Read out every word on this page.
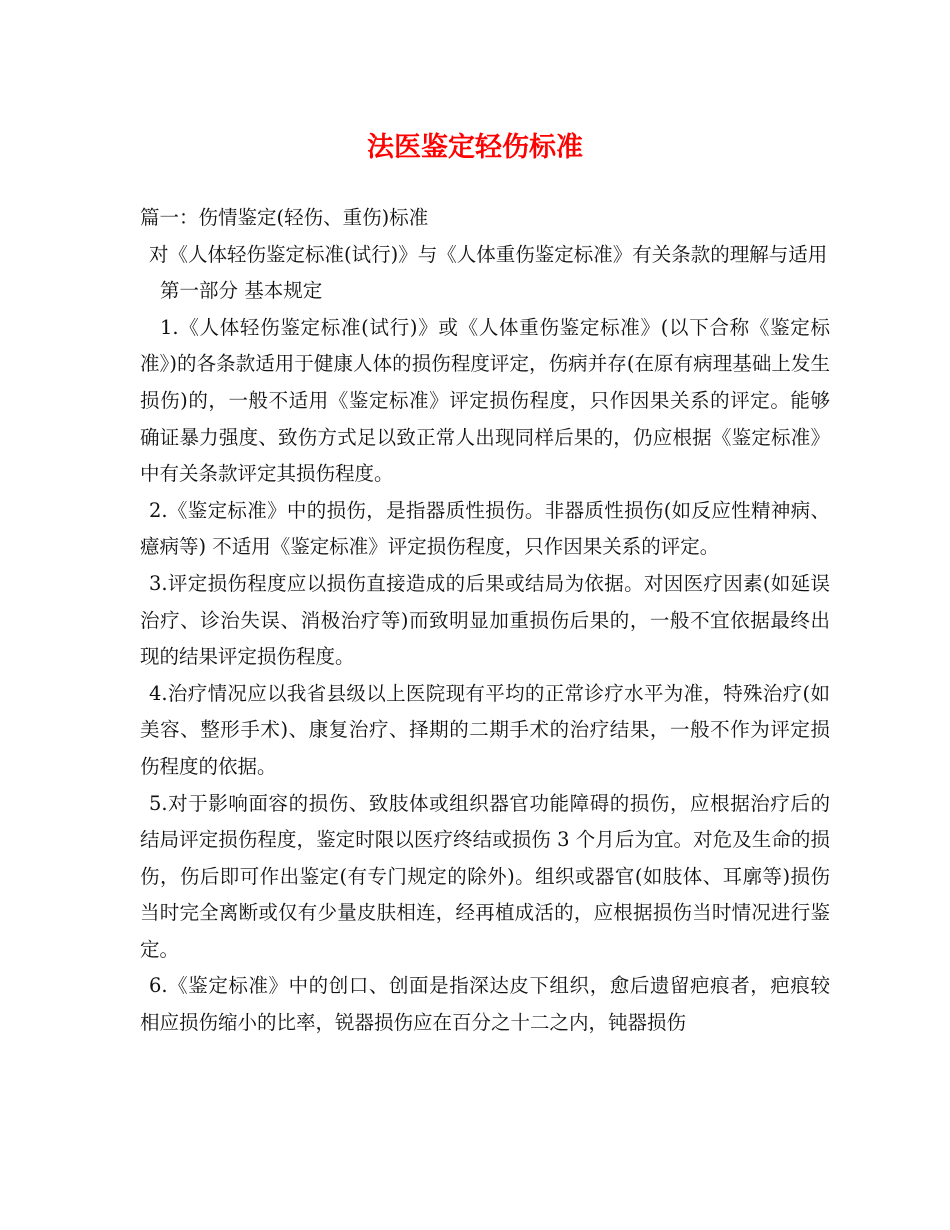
法医鉴定轻伤标准

篇一：伤情鉴定(轻伤、重伤)标准

对《人体轻伤鉴定标准(试行)》与《人体重伤鉴定标准》有关条款的理解与适用

第一部分 基本规定

1.《人体轻伤鉴定标准(试行)》或《人体重伤鉴定标准》(以下合称《鉴定标准》)的各条款适用于健康人体的损伤程度评定，伤病并存(在原有病理基础上发生损伤)的，一般不适用《鉴定标准》评定损伤程度，只作因果关系的评定。能够确证暴力强度、致伤方式足以致正常人出现同样后果的，仍应根据《鉴定标准》中有关条款评定其损伤程度。

2.《鉴定标准》中的损伤，是指器质性损伤。非器质性损伤(如反应性精神病、癔病等) 不适用《鉴定标准》评定损伤程度，只作因果关系的评定。

3.评定损伤程度应以损伤直接造成的后果或结局为依据。对因医疗因素(如延误治疗、诊治失误、消极治疗等)而致明显加重损伤后果的，一般不宜依据最终出现的结果评定损伤程度。

4.治疗情况应以我省县级以上医院现有平均的正常诊疗水平为准，特殊治疗(如美容、整形手术)、康复治疗、择期的二期手术的治疗结果，一般不作为评定损伤程度的依据。

5.对于影响面容的损伤、致肢体或组织器官功能障碍的损伤，应根据治疗后的结局评定损伤程度，鉴定时限以医疗终结或损伤 3 个月后为宜。对危及生命的损伤，伤后即可作出鉴定(有专门规定的除外)。组织或器官(如肢体、耳廓等)损伤当时完全离断或仅有少量皮肤相连，经再植成活的，应根据损伤当时情况进行鉴定。

6.《鉴定标准》中的创口、创面是指深达皮下组织，愈后遗留疤痕者，疤痕较相应损伤缩小的比率，锐器损伤应在百分之十二之内，钝器损伤
